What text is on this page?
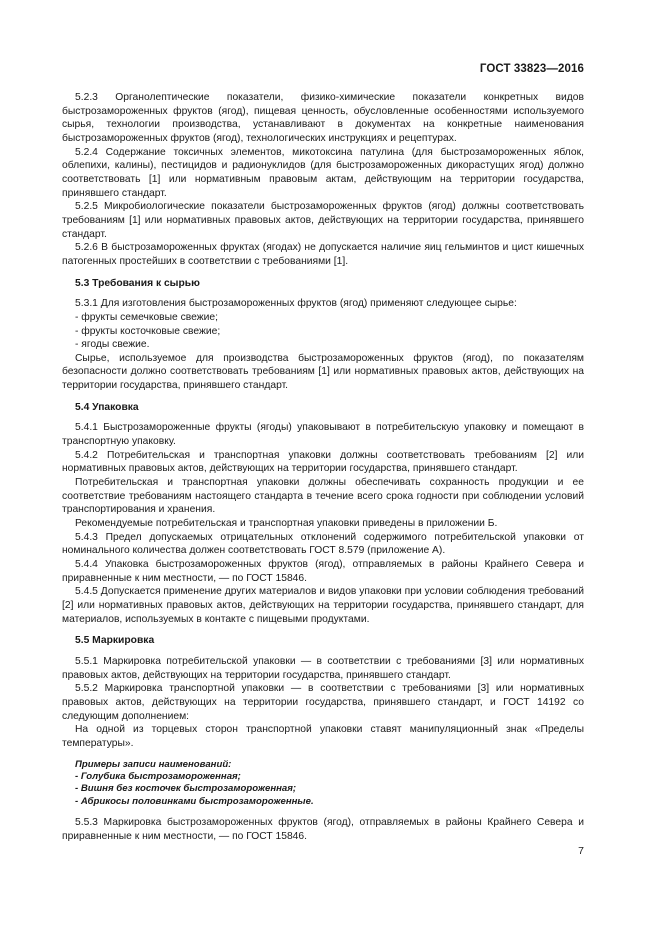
ГОСТ 33823—2016
5.2.3 Органолептические показатели, физико-химические показатели конкретных видов быстрозамороженных фруктов (ягод), пищевая ценность, обусловленные особенностями используемого сырья, технологии производства, устанавливают в документах на конкретные наименования быстрозамороженных фруктов (ягод), технологических инструкциях и рецептурах.
5.2.4 Содержание токсичных элементов, микотоксина патулина (для быстрозамороженных яблок, облепихи, калины), пестицидов и радионуклидов (для быстрозамороженных дикорастущих ягод) должно соответствовать [1] или нормативным правовым актам, действующим на территории государства, принявшего стандарт.
5.2.5 Микробиологические показатели быстрозамороженных фруктов (ягод) должны соответствовать требованиям [1] или нормативных правовых актов, действующих на территории государства, принявшего стандарт.
5.2.6 В быстрозамороженных фруктах (ягодах) не допускается наличие яиц гельминтов и цист кишечных патогенных простейших в соответствии с требованиями [1].
5.3 Требования к сырью
5.3.1 Для изготовления быстрозамороженных фруктов (ягод) применяют следующее сырье:
- фрукты семечковые свежие;
- фрукты косточковые свежие;
- ягоды свежие.
Сырье, используемое для производства быстрозамороженных фруктов (ягод), по показателям безопасности должно соответствовать требованиям [1] или нормативных правовых актов, действующих на территории государства, принявшего стандарт.
5.4 Упаковка
5.4.1 Быстрозамороженные фрукты (ягоды) упаковывают в потребительскую упаковку и помещают в транспортную упаковку.
5.4.2 Потребительская и транспортная упаковки должны соответствовать требованиям [2] или нормативных правовых актов, действующих на территории государства, принявшего стандарт.
Потребительская и транспортная упаковки должны обеспечивать сохранность продукции и ее соответствие требованиям настоящего стандарта в течение всего срока годности при соблюдении условий транспортирования и хранения.
Рекомендуемые потребительская и транспортная упаковки приведены в приложении Б.
5.4.3 Предел допускаемых отрицательных отклонений содержимого потребительской упаковки от номинального количества должен соответствовать ГОСТ 8.579 (приложение А).
5.4.4 Упаковка быстрозамороженных фруктов (ягод), отправляемых в районы Крайнего Севера и приравненные к ним местности, — по ГОСТ 15846.
5.4.5 Допускается применение других материалов и видов упаковки при условии соблюдения требований [2] или нормативных правовых актов, действующих на территории государства, принявшего стандарт, для материалов, используемых в контакте с пищевыми продуктами.
5.5 Маркировка
5.5.1 Маркировка потребительской упаковки — в соответствии с требованиями [3] или нормативных правовых актов, действующих на территории государства, принявшего стандарт.
5.5.2 Маркировка транспортной упаковки — в соответствии с требованиями [3] или нормативных правовых актов, действующих на территории государства, принявшего стандарт, и ГОСТ 14192 со следующим дополнением:
На одной из торцевых сторон транспортной упаковки ставят манипуляционный знак «Пределы температуры».
Примеры записи наименований:
- Голубика быстрозамороженная;
- Вишня без косточек быстрозамороженная;
- Абрикосы половинками быстрозамороженные.
5.5.3 Маркировка быстрозамороженных фруктов (ягод), отправляемых в районы Крайнего Севера и приравненные к ним местности, — по ГОСТ 15846.
7
